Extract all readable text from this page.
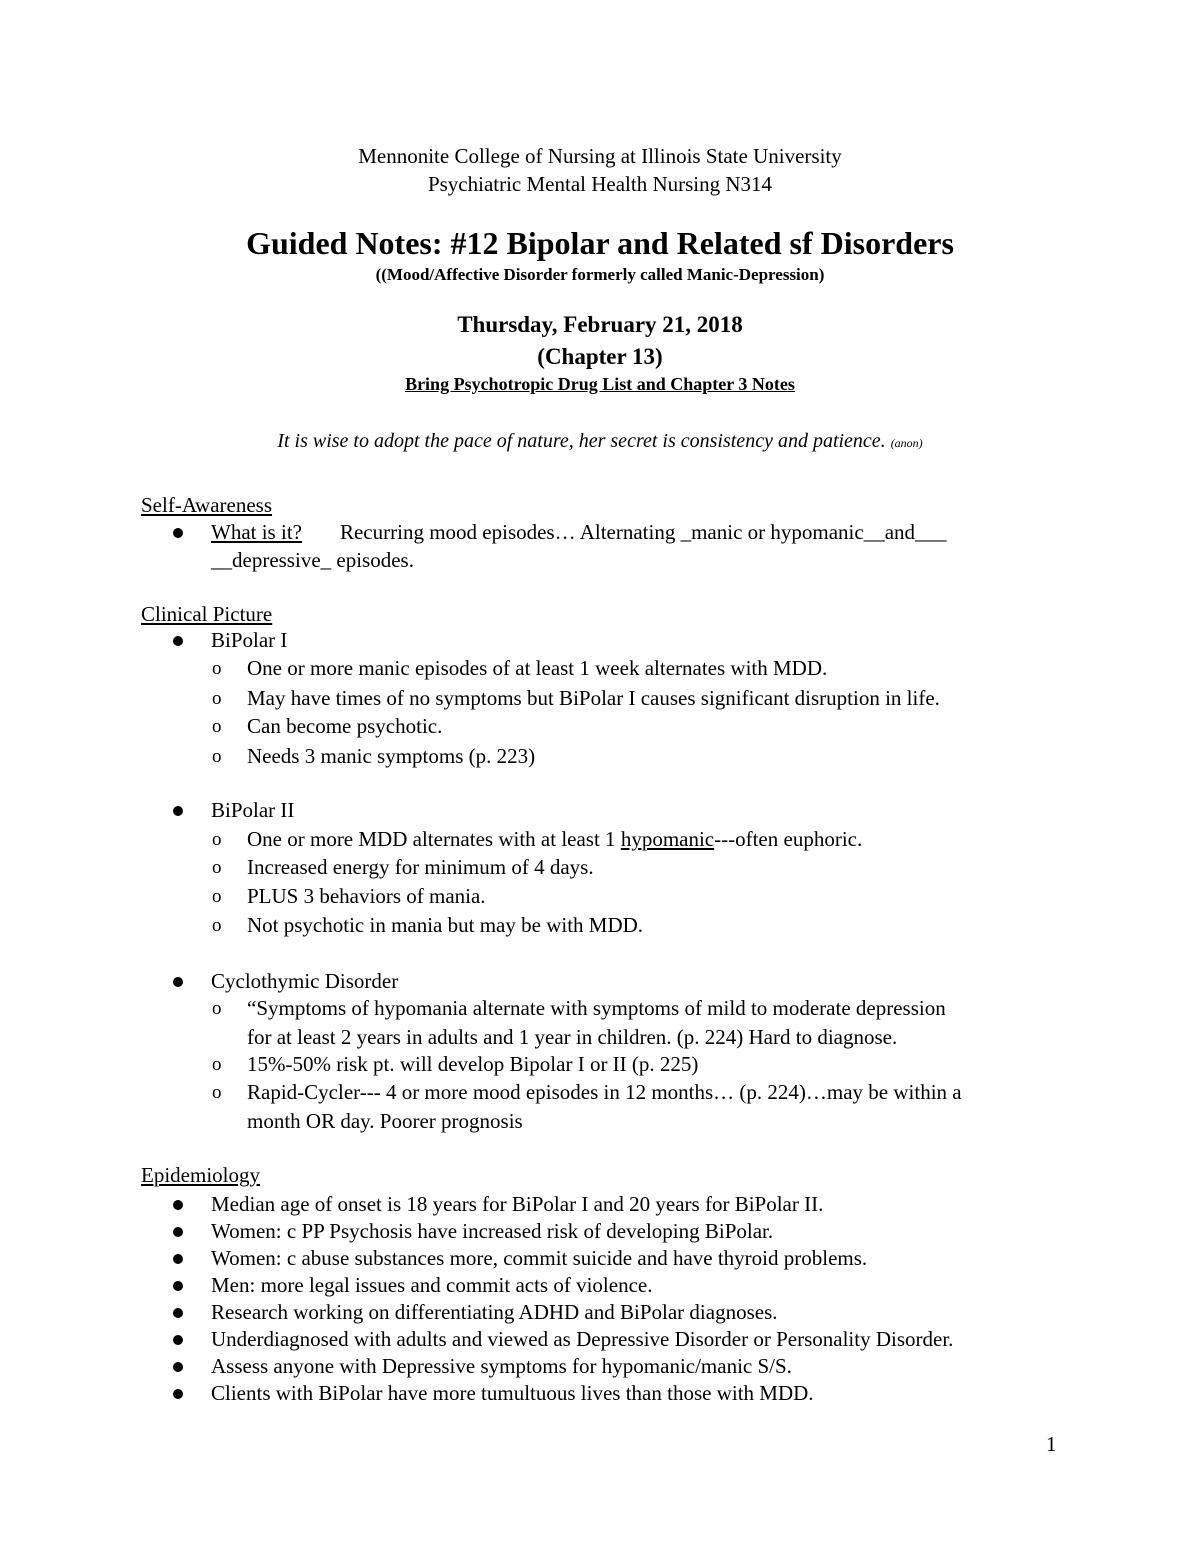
Mennonite College of Nursing at Illinois State University
Psychiatric Mental Health Nursing N314
Guided Notes: #12 Bipolar and Related sf Disorders
((Mood/Affective Disorder formerly called Manic-Depression)
Thursday, February 21, 2018
(Chapter 13)
Bring Psychotropic Drug List and Chapter 3 Notes
It is wise to adopt the pace of nature, her secret is consistency and patience. (anon)
Self-Awareness
What is it? Recurring mood episodes… Alternating _manic or hypomanic__and___
__depressive_ episodes.
Clinical Picture
BiPolar I
o One or more manic episodes of at least 1 week alternates with MDD.
o May have times of no symptoms but BiPolar I causes significant disruption in life.
o Can become psychotic.
o Needs 3 manic symptoms (p. 223)
BiPolar II
o One or more MDD alternates with at least 1 hypomanic---often euphoric.
o Increased energy for minimum of 4 days.
o PLUS 3 behaviors of mania.
o Not psychotic in mania but may be with MDD.
Cyclothymic Disorder
o “Symptoms of hypomania alternate with symptoms of mild to moderate depression
for at least 2 years in adults and 1 year in children. (p. 224) Hard to diagnose.
o 15%-50% risk pt. will develop Bipolar I or II (p. 225)
o Rapid-Cycler--- 4 or more mood episodes in 12 months… (p. 224)…may be within a
month OR day. Poorer prognosis
Epidemiology
Median age of onset is 18 years for BiPolar I and 20 years for BiPolar II.
Women: c PP Psychosis have increased risk of developing BiPolar.
Women: c abuse substances more, commit suicide and have thyroid problems.
Men: more legal issues and commit acts of violence.
Research working on differentiating ADHD and BiPolar diagnoses.
Underdiagnosed with adults and viewed as Depressive Disorder or Personality Disorder.
Assess anyone with Depressive symptoms for hypomanic/manic S/S.
Clients with BiPolar have more tumultuous lives than those with MDD.
1
